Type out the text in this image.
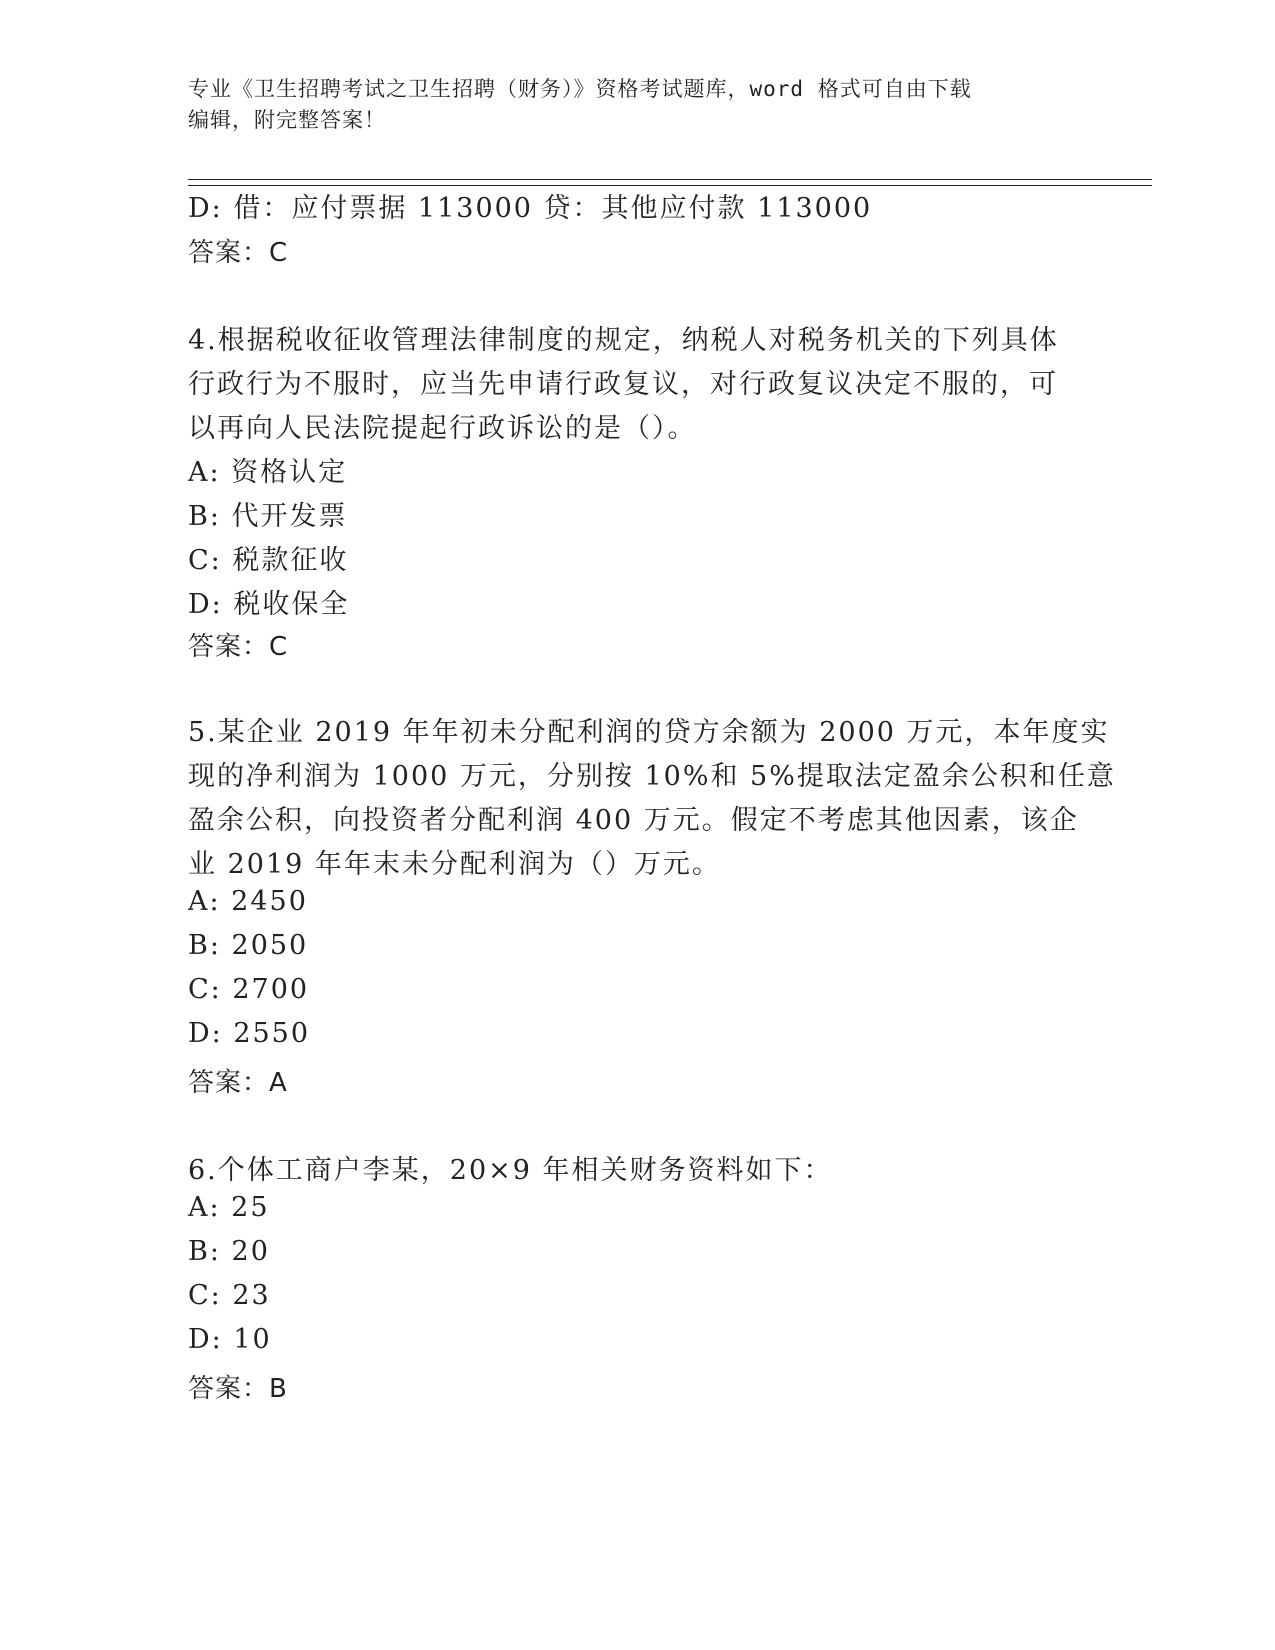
专业《卫生招聘考试之卫生招聘（财务）》资格考试题库，word 格式可自由下载
编辑，附完整答案！
D: 借：应付票据 113000 贷：其他应付款 113000
答案：C
4.根据税收征收管理法律制度的规定，纳税人对税务机关的下列具体
行政行为不服时，应当先申请行政复议，对行政复议决定不服的，可
以再向人民法院提起行政诉讼的是（）。
A: 资格认定
B: 代开发票
C: 税款征收
D: 税收保全
答案：C
5.某企业 2019 年年初未分配利润的贷方余额为 2000 万元，本年度实
现的净利润为 1000 万元，分别按 10%和 5%提取法定盈余公积和任意
盈余公积，向投资者分配利润 400 万元。假定不考虑其他因素，该企
业 2019 年年末未分配利润为（）万元。
A: 2450
B: 2050
C: 2700
D: 2550
答案：A
6.个体工商户李某，20×9 年相关财务资料如下：
A: 25
B: 20
C: 23
D: 10
答案：B
